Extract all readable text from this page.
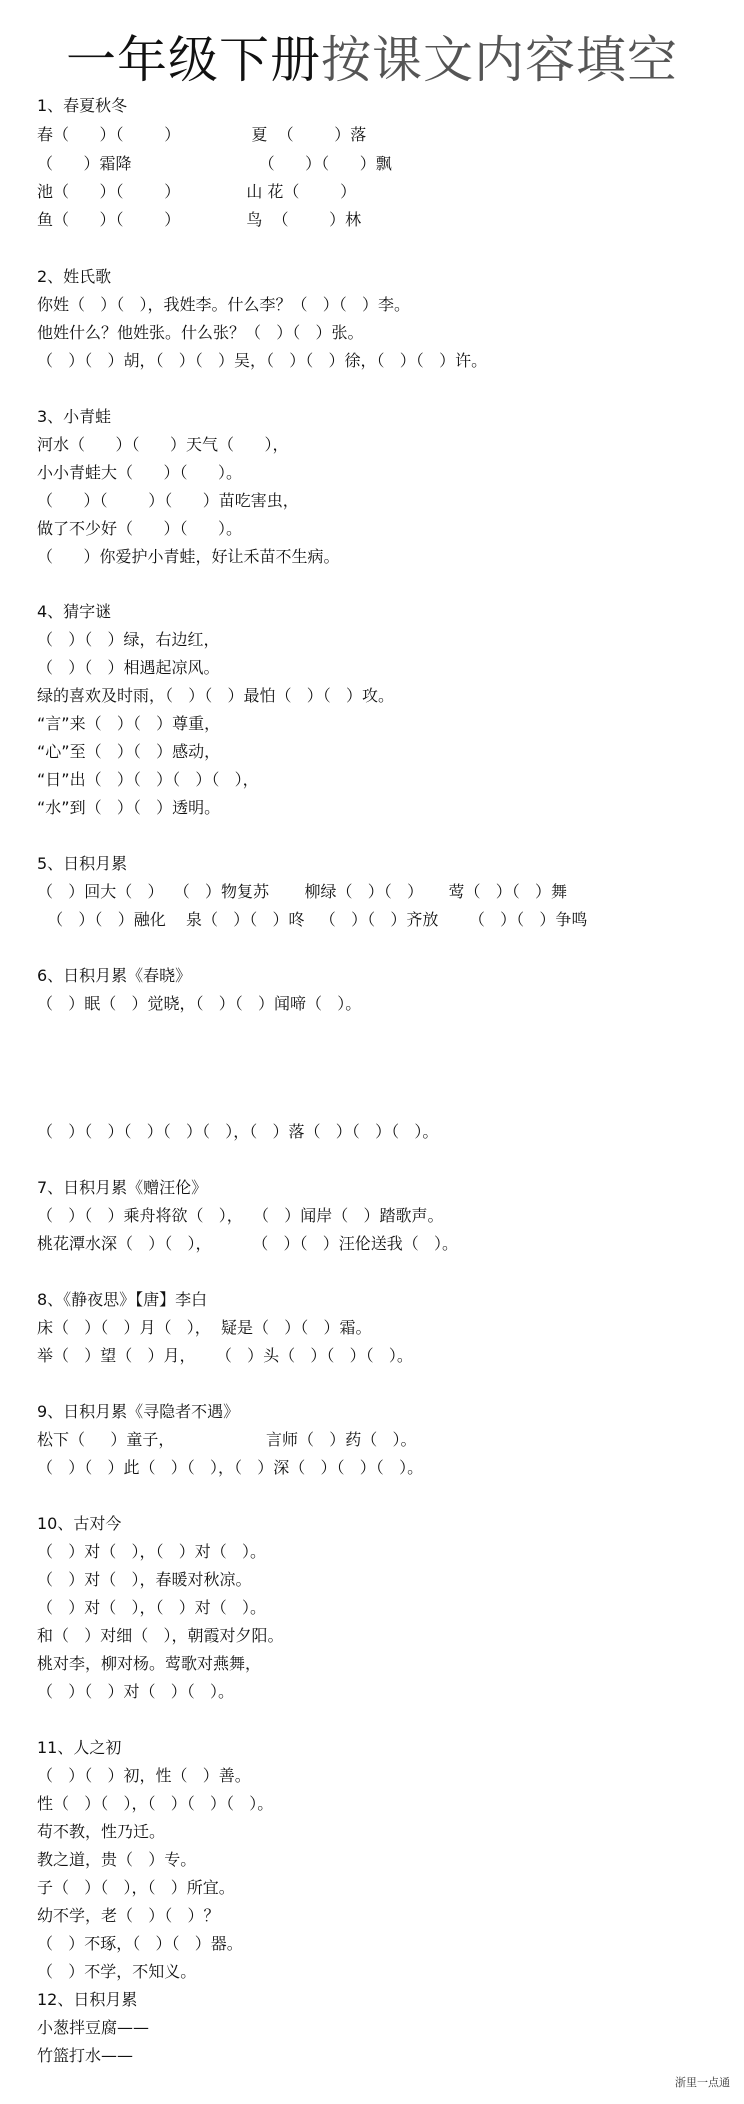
一年级下册按课文内容填空
1、春夏秋冬
春（      ）（        ）              夏  （        ）落
（      ）霜降                         （      ）（      ）飘
池（      ）（        ）             山 花（        ）
鱼（      ）（        ）             鸟  （        ）林
2、姓氏歌
你姓（   ）（   ），我姓李。什么李？（   ）（   ）李。
他姓什么？他姓张。什么张？（   ）（   ）张。
（   ）（   ）胡，（   ）（   ）吴，（   ）（   ）徐，（   ）（   ）许。
3、小青蛙
河水（      ）（      ）天气（      ），
小小青蛙大（      ）（      ）。
（      ）（        ）（      ）苗吃害虫，
做了不少好（      ）（      ）。
（      ）你爱护小青蛙，好让禾苗不生病。
4、猜字谜
（   ）（   ）绿，右边红，
（   ）（   ）相遇起凉风。
绿的喜欢及时雨，（   ）（   ）最怕（   ）（   ）攻。
“言”来（   ）（   ）尊重，
“心”至（   ）（   ）感动，
“日”出（   ）（   ）（   ）（   ），
“水”到（   ）（   ）透明。
5、日积月累
（   ）回大（   ）  （   ）物复苏       柳绿（   ）（   ）     莺（   ）（   ）舞
（   ）（   ）融化    泉（   ）（   ）咚   （   ）（   ）齐放      （   ）（   ）争鸣
6、日积月累《春晓》
（   ）眠（   ）觉晓，（   ）（   ）闻啼（   ）。
（   ）（   ）（   ）（   ）（   ），（   ）落（   ）（   ）（   ）。
7、日积月累《赠汪伦》
（   ）（   ）乘舟将欲（   ），  （   ）闻岸（   ）踏歌声。
桃花潭水深（   ）（   ），        （   ）（   ）汪伦送我（   ）。
8、《静夜思》【唐】李白
床（   ）（   ）月（   ），  疑是（   ）（   ）霜。
举（   ）望（   ）月，    （   ）头（   ）（   ）（   ）。
9、日积月累《寻隐者不遇》
松下（     ）童子，                  言师（   ）药（   ）。
（   ）（   ）此（   ）（   ），（   ）深（   ）（   ）（   ）。
10、古对今
（   ）对（   ），（   ）对（   ）。
（   ）对（   ），春暖对秋凉。
（   ）对（   ），（   ）对（   ）。
和（   ）对细（   ），朝霞对夕阳。
桃对李，柳对杨。莺歌对燕舞，
（   ）（   ）对（   ）（   ）。
11、人之初
（   ）（   ）初，性（   ）善。
性（   ）（   ），（   ）（   ）（   ）。
苟不教，性乃迁。
教之道，贵（   ）专。
子（   ）（   ），（   ）所宜。
幼不学，老（   ）（   ）？
（   ）不琢，（   ）（   ）器。
（   ）不学，不知义。
12、日积月累
小葱拌豆腐——
竹篮打水——
浙里一点通
